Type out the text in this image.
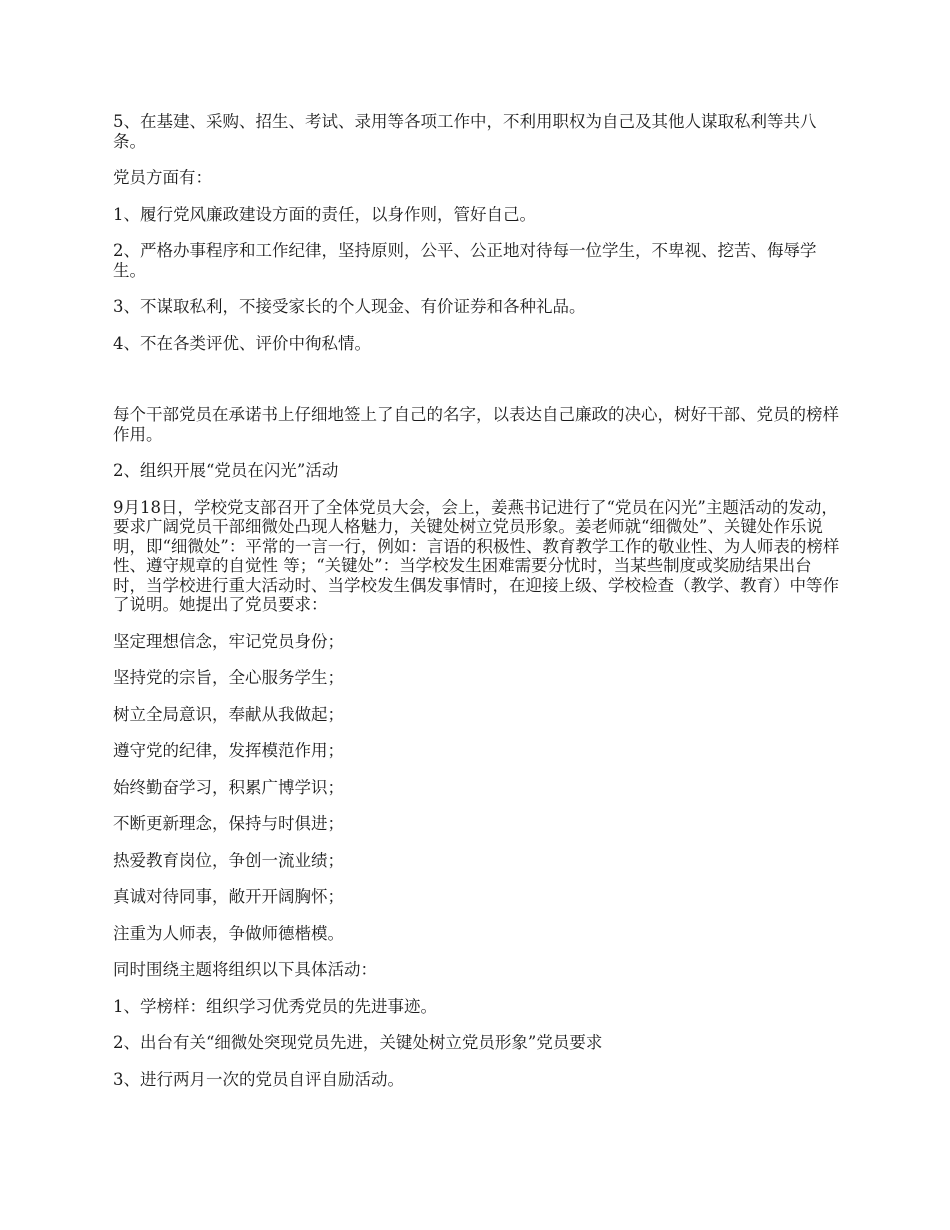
5、在基建、采购、招生、考试、录用等各项工作中，不利用职权为自己及其他人谋取私利等共八条。

党员方面有：

1、履行党风廉政建设方面的责任，以身作则，管好自己。

2、严格办事程序和工作纪律，坚持原则，公平、公正地对待每一位学生，不卑视、挖苦、侮辱学生。

3、不谋取私利，不接受家长的个人现金、有价证券和各种礼品。

4、不在各类评优、评价中徇私情。

每个干部党员在承诺书上仔细地签上了自己的名字，以表达自己廉政的决心，树好干部、党员的榜样作用。

2、组织开展“党员在闪光”活动

9月18日，学校党支部召开了全体党员大会，会上，姜燕书记进行了“党员在闪光”主题活动的发动，要求广阔党员干部细微处凸现人格魅力，关键处树立党员形象。姜老师就“细微处”、关键处作乐说明，即“细微处”：平常的一言一行，例如：言语的积极性、教育教学工作的敬业性、为人师表的榜样性、遵守规章的自觉性 等；“关键处”：当学校发生困难需要分忧时，当某些制度或奖励结果出台时，当学校进行重大活动时、当学校发生偶发事情时，在迎接上级、学校检查（教学、教育）中等作了说明。她提出了党员要求：

坚定理想信念，牢记党员身份；

坚持党的宗旨，全心服务学生；

树立全局意识，奉献从我做起；

遵守党的纪律，发挥模范作用；

始终勤奋学习，积累广博学识；

不断更新理念，保持与时俱进；

热爱教育岗位，争创一流业绩；

真诚对待同事，敞开开阔胸怀；

注重为人师表，争做师德楷模。

同时围绕主题将组织以下具体活动：

1、学榜样：组织学习优秀党员的先进事迹。

2、出台有关“细微处突现党员先进，关键处树立党员形象”党员要求

3、进行两月一次的党员自评自励活动。
